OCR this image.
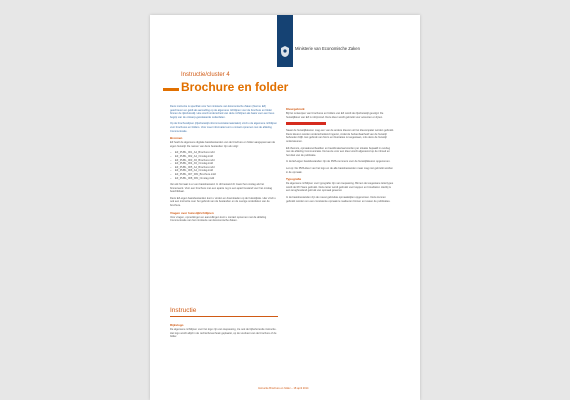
Ministerie van Economische Zaken
Instructie/cluster 4
Brochure en folder

Deze instructie is specifiek voor het ministerie van Economische Zaken (hierna: EZ) geschreven en geldt als aanvulling op de algemene richtlijnen voor de brochure en folder binnen de rijkshuisstijl. Hoe wordt onderscheid van deze richtlijnen als basis voor een heus begrip van de ontwerp-gerelateerde onderdelen.

Op de brochurelijnen (rijkshuisstijl.nl/communicatiematerialen) vindt u de algemene richtlijnen voor brochures en folders. Voor meer informatie kunt u contact opnemen met de afdeling Communicatie.

Bronnen

EZ heeft de algemene digitale basisbestanden van de brochure en folder aangepast aan de eigen huisstijl. De namen van deze bestanden zijn als volgt:

– EZ_PUBL_001_A4_Brochure.indd
– EZ_PUBL_002_A4_Omslag.indd
– EZ_PUBL_003_A5_Brochure.indd
– EZ_PUBL_004_A5_Omslag.indd
– EZ_PUBL_005_A4_Brochure.indd
– EZ_PUBL_006_A4_Omslag.indd
– EZ_PUBL_007_DIN_Brochure.indd
– EZ_PUBL_008_DIN_Omslag.indd

Van elk formaat is er een basisbestand. In dit bestand zit zowel het omslag als het binnenwerk. Voor een brochure met een aparte rug is een apart bestand voor het omslag beschikbaar.

Deze EZ-eigen basisbestanden kunt u vinden en downloaden op de huisstijlsite. Hier vindt u ook een instructie over het gebruik van de bestanden en de overige onderdelen van de brochure.

Vragen over huisstijlrichtlijnen

Voor vragen, opmerkingen en aanvullingen kunt u contact opnemen met de afdeling Communicatie van het ministerie van Economische Zaken.

Kleurgebruik

Bij het ontwerpen van brochures en folders van EZ wordt de rijkshuisstijl gevolgd. De huisstijlkleur van EZ is robijnrood. Deze kleur wordt gebruikt voor accenten en lijnen.

Naast de huisstijlkleuren mag een van de andere kleuren uit het kleurenpalet worden gebruikt. Deze kleuren worden onderscheidend ingezet, zodat de herkenbaarheid van de huisstijl behouden blijft. Het gebruik van foto's en illustraties is toegestaan, mits deze de huisstijl ondersteunen.

EZ-thema's, opmaakvoorbeelden en beeldmateriaal worden per situatie bepaald in overleg met de afdeling Communicatie. De keuze voor een kleur wordt afgestemd op de inhoud en het doel van de publicatie.

In de EZ-eigen basisbestanden zijn de PMS-nummers voor de huisstijlkleuren opgenomen.

Let op: De PMS-kleur van het logo en de alle basisbestanden maar mag niet gebruikt worden in de opmaak.

Typografie

De algemene richtlijnen voor typografie zijn van toepassing. Binnen de toegestane lettertypes wordt de RO Sans gebruikt. Deze letter wordt gebruikt voor koppen en broodtekst. Hierbij is een terughoudend gebruik van opmaak gewenst.

In de basisbestanden zijn de meest gebruikte opmaakstijlen opgenomen. Deze kunnen gebruikt worden om een consistente opmaak te realiseren binnen en tussen de publicaties.

Instructie
Rijkslogo

De algemene richtlijnen voor het logo zijn van toepassing, zie ook de bijbehorende instructie. Het logo wordt altijd in de rechterbovenhoek geplaatst, op de voorkant van de brochure of de folder.

Instructie Brochure en folder – 18 april 2014
